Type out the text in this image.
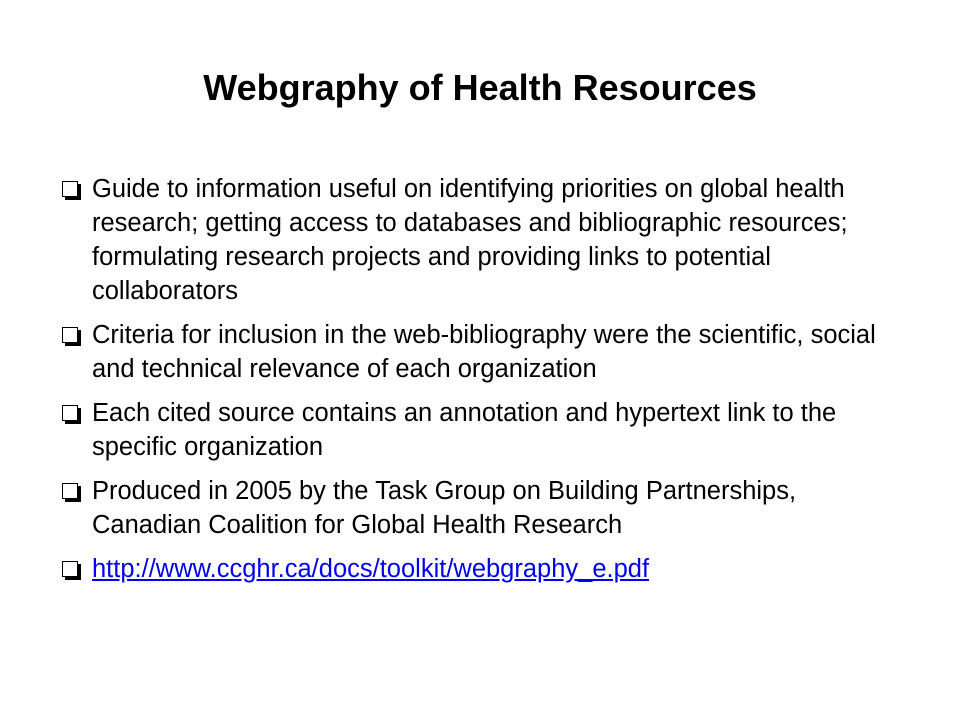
Webgraphy of Health Resources
Guide to information useful on identifying priorities on global health research; getting access to databases and bibliographic resources; formulating research projects and providing links to potential collaborators
Criteria for inclusion in the web-bibliography were the scientific, social and technical relevance of each organization
Each cited source contains an annotation and hypertext link to the specific organization
Produced in 2005 by the Task Group on Building Partnerships, Canadian Coalition for Global Health Research
http://www.ccghr.ca/docs/toolkit/webgraphy_e.pdf
